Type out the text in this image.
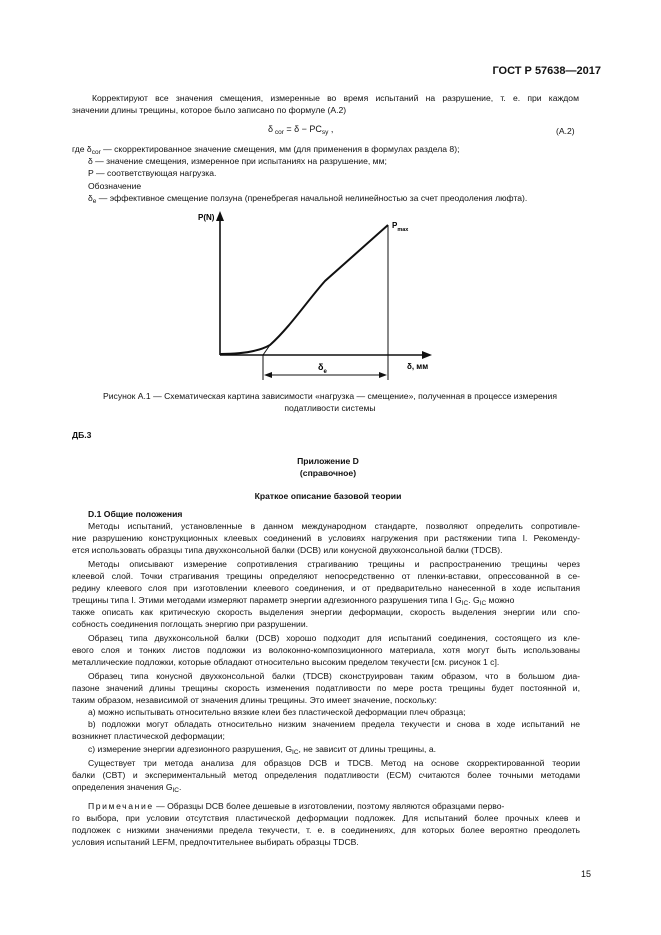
ГОСТ Р 57638—2017
Корректируют все значения смещения, измеренные во время испытаний на разрушение, т. е. при каждом
значении длины трещины, которое было записано по формуле (А.2)
δ $_{cor} = \delta - PC_{sy}$ ,	(А.2)
где $\delta_{cor}$ — скорректированное значение смещения, мм (для применения в формулах раздела 8);
δ — значение смещения, измеренное при испытаниях на разрушение, мм;
P — соответствующая нагрузка.
Обозначение
$\delta_e$ — эффективное смещение ползуна (пренебрегая начальной нелинейностью за счет преодоления люфта).
P(N)
δ, мм
$P_{max}$
$\delta_e$
Рисунок А.1 — Схематическая картина зависимости «нагрузка — смещение», полученная в процессе измерения
податливости системы
ДБ.3
Приложение D
(справочное)
Краткое описание базовой теории
D.1 Общие положения
Методы испытаний, установленные в данном международном стандарте, позволяют определить сопротивле-
ние разрушению конструкционных клеевых соединений в условиях нагружения при растяжении типа I. Рекоменду-
ется использовать образцы типа двухконсольной балки (DCB) или конусной двухконсольной балки (TDCB).
Методы описывают измерение сопротивления страгиванию трещины и распространению трещины через
клеевой слой. Точки страгивания трещины определяют непосредственно от пленки-вставки, опрессованной в се-
редину клеевого слоя при изготовлении клеевого соединения, и от предварительно нанесенной в ходе испытания
трещины типа I. Этими методами измеряют параметр энергии адгезионного разрушения типа I $G_{IC}$. $G_{IC}$ можно
также описать как критическую скорость выделения энергии деформации, скорость выделения энергии или спо-
собность соединения поглощать энергию при разрушении.
Образец типа двухконсольной балки (DCB) хорошо подходит для испытаний соединения, состоящего из кле-
евого слоя и тонких листов подложки из волоконно-композиционного материала, хотя могут быть использованы
металлические подложки, которые обладают относительно высоким пределом текучести [см. рисунок 1 с].
Образец типа конусной двухконсольной балки (TDCB) сконструирован таким образом, что в большом диа-
пазоне значений длины трещины скорость изменения податливости по мере роста трещины будет постоянной и,
таким образом, независимой от значения длины трещины. Это имеет значение, поскольку:
а) можно испытывать относительно вязкие клеи без пластической деформации плеч образца;
b) подложки могут обладать относительно низким значением предела текучести и снова в ходе испытаний не
возникнет пластической деформации;
с) измерение энергии адгезионного разрушения, $G_{IC}$, не зависит от длины трещины, a.
Существует три метода анализа для образцов DCB и TDCB. Метод на основе скорректированной теории
балки (CBT) и экспериментальный метод определения податливости (ECM) считаются более точными методами
определения значения $G_{IC}$.
Примечание — Образцы DCB более дешевые в изготовлении, поэтому являются образцами перво-
го выбора, при условии отсутствия пластической деформации подложек. Для испытаний более прочных клеев и
подложек с низкими значениями предела текучести, т. е. в соединениях, для которых более вероятно преодолеть
условия испытаний LEFM, предпочтительнее выбирать образцы TDCB.
15
